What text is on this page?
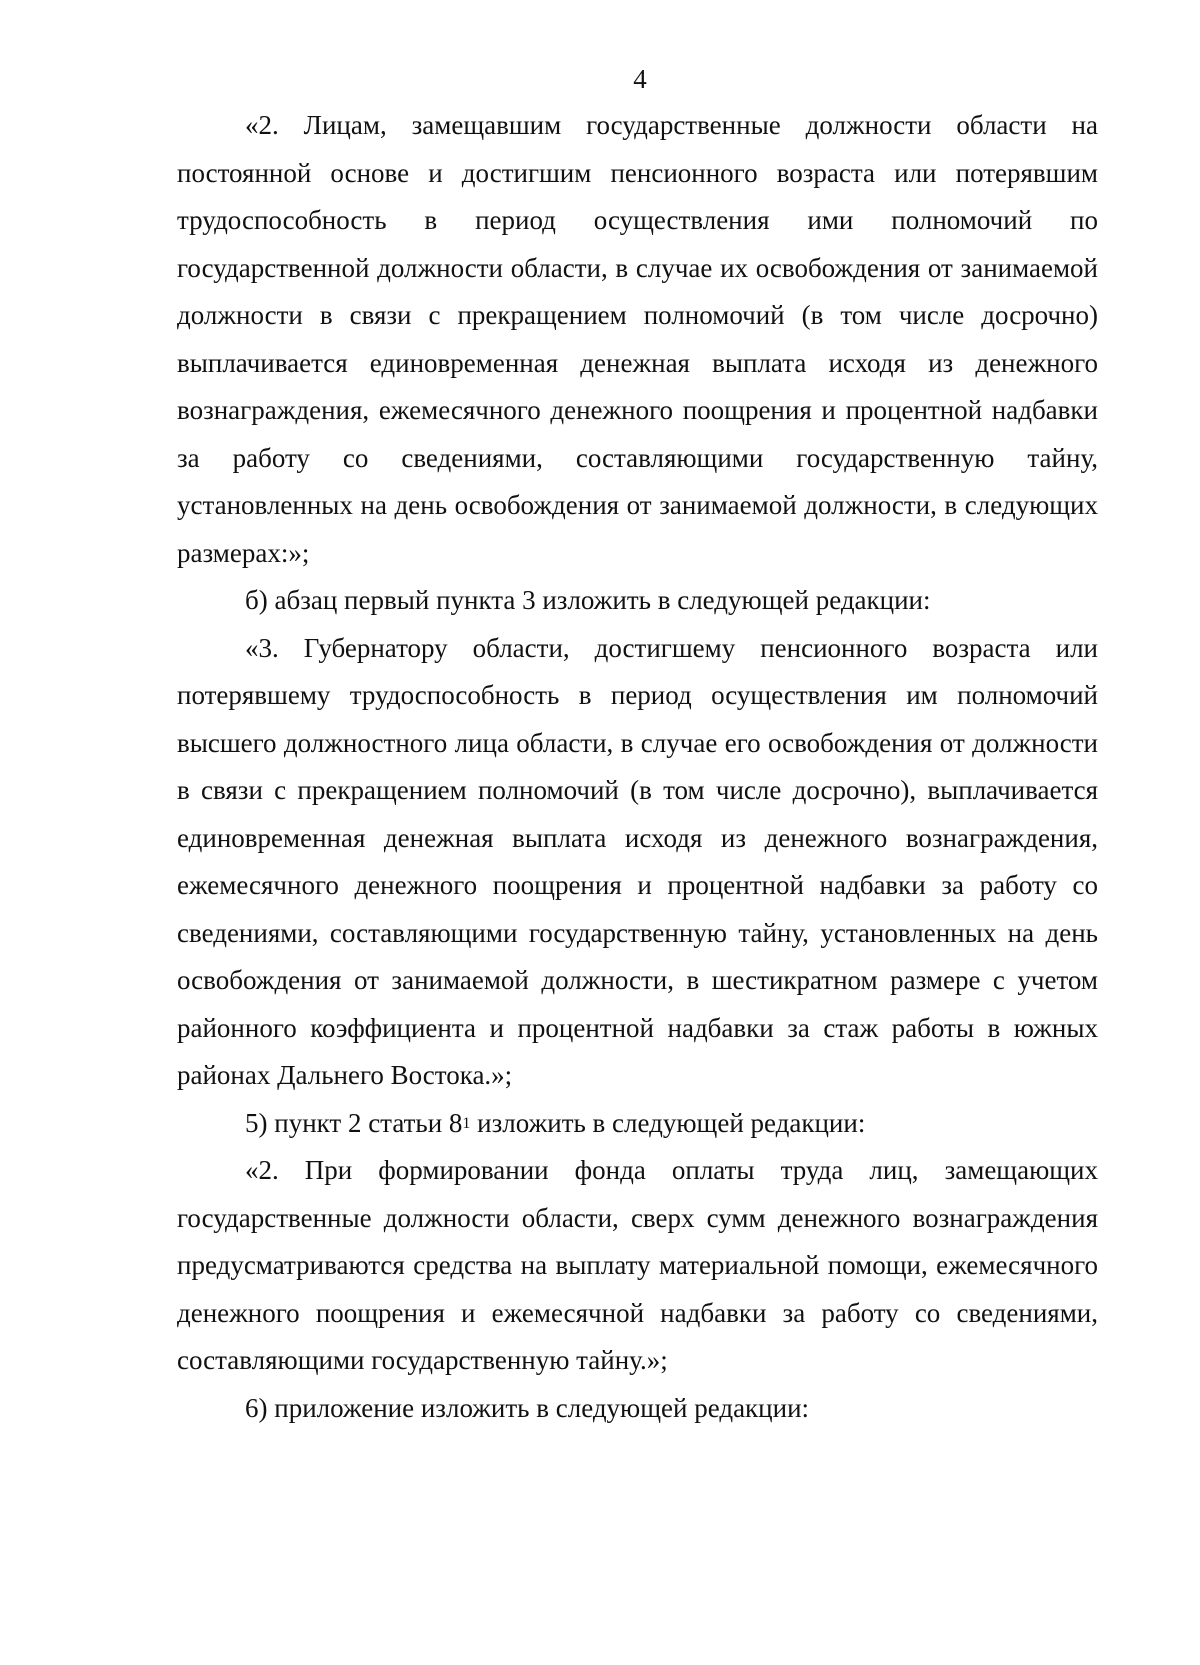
4

«2. Лицам, замещавшим государственные должности области на постоянной основе и достигшим пенсионного возраста или потерявшим трудоспособность в период осуществления ими полномочий по государственной должности области, в случае их освобождения от занимаемой должности в связи с прекращением полномочий (в том числе досрочно) выплачивается единовременная денежная выплата исходя из денежного вознаграждения, ежемесячного денежного поощрения и процентной надбавки за работу со сведениями, составляющими государственную тайну, установленных на день освобождения от занимаемой должности, в следующих размерах:»;

б) абзац первый пункта 3 изложить в следующей редакции:

«3. Губернатору области, достигшему пенсионного возраста или потерявшему трудоспособность в период осуществления им полномочий высшего должностного лица области, в случае его освобождения от должности в связи с прекращением полномочий (в том числе досрочно), выплачивается единовременная денежная выплата исходя из денежного вознаграждения, ежемесячного денежного поощрения и процентной надбавки за работу со сведениями, составляющими государственную тайну, установленных на день освобождения от занимаемой должности, в шестикратном размере с учетом районного коэффициента и процентной надбавки за стаж работы в южных районах Дальнего Востока.»;

5) пункт 2 статьи $8^1$ изложить в следующей редакции:

«2. При формировании фонда оплаты труда лиц, замещающих государственные должности области, сверх сумм денежного вознаграждения предусматриваются средства на выплату материальной помощи, ежемесячного денежного поощрения и ежемесячной надбавки за работу со сведениями, составляющими государственную тайну.»;

6) приложение изложить в следующей редакции:
